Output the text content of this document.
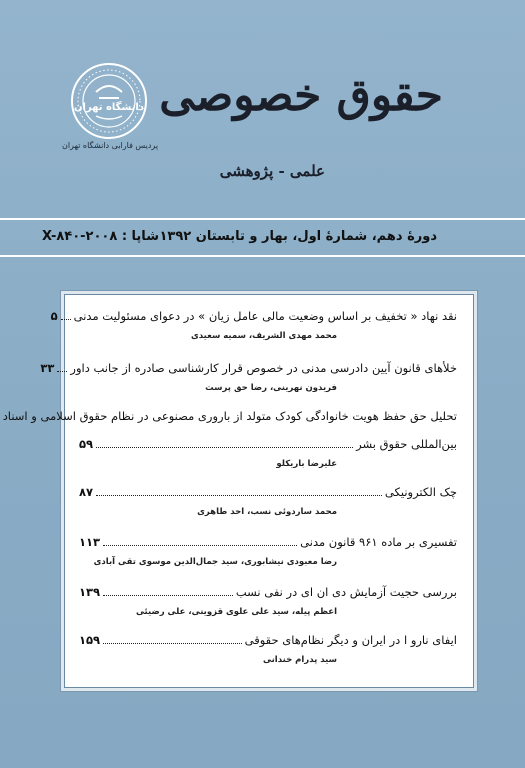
دانشگاه تهران
پردیس فارابی دانشگاه تهران
حقوق خصوصی
علمی - پژوهشی
دورهٔ دهم، شمارهٔ اول، بهار و تابستان ۱۳۹۲
شاپا : X-۸۴۰-۲۰۰۸
نقد نهاد « تخفیف بر اساس وضعیت مالی عامل زیان » در دعوای مسئولیت مدنی
۵
محمد مهدی الشریف، سمیه سعیدی
خلأهای قانون آیین دادرسی مدنی در خصوص قرار کارشناسی صادره از جانب داور
۳۳
فریدون نهرینی، رضا حق پرست
تحلیل حق حفظ هویت خانوادگی کودک متولد از باروری مصنوعی در نظام حقوق اسلامی و اسناد
بین‌المللی حقوق بشر
۵۹
علیرضا باریکلو
چک الکترونیکی
۸۷
محمد ساردوئی نسب، احد طاهری
تفسیری بر ماده ۹۶۱ قانون مدنی
۱۱۳
رضا معبودی نیشابوری، سید جمال‌الدین موسوی تقی آبادی
بررسی حجیت آزمایش دی ان ای در نفی نسب
۱۳۹
اعظم پیله، سید علی علوی قزوینی، علی رضیئی
ایفای نارو ا در ایران و دیگر نظام‌های حقوقی
۱۵۹
سید پدرام خندانی
